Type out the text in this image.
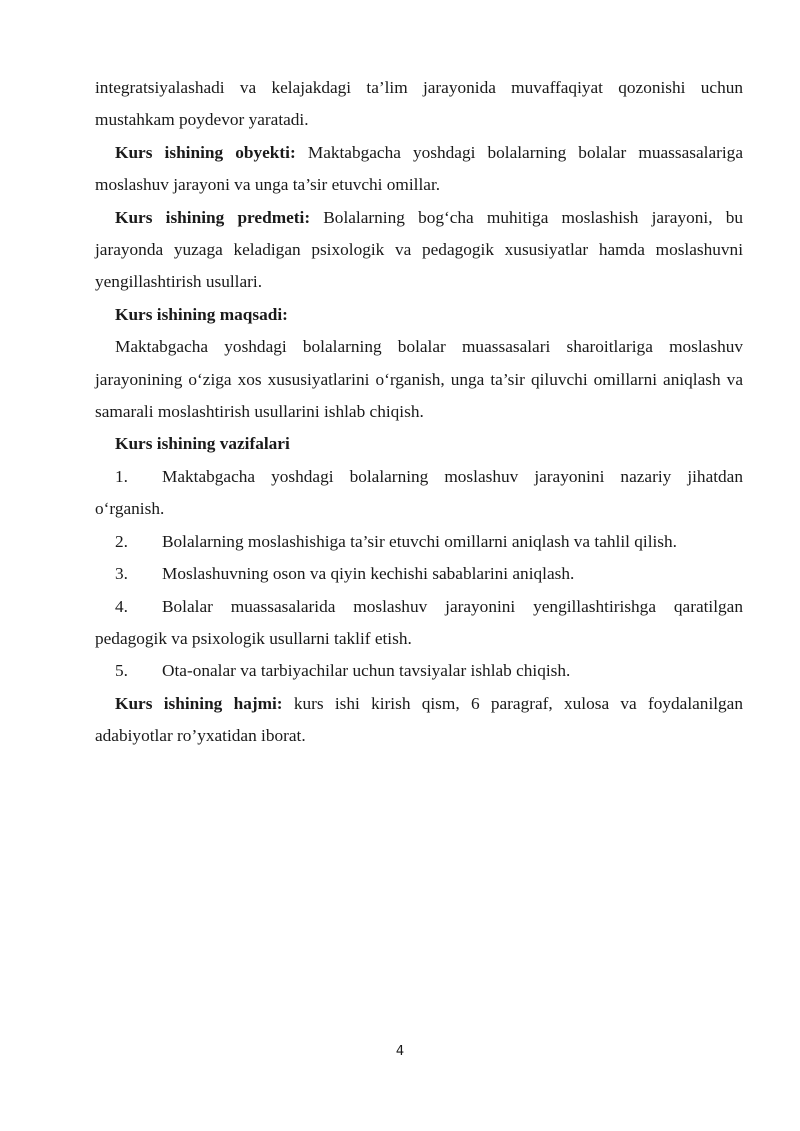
integratsiyalashadi va kelajakdagi ta’lim jarayonida muvaffaqiyat qozonishi uchun mustahkam poydevor yaratadi.

Kurs ishining obyekti: Maktabgacha yoshdagi bolalarning bolalar muassasalariga moslashuv jarayoni va unga ta’sir etuvchi omillar.

Kurs ishining predmeti: Bolalarning bog‘cha muhitiga moslashish jarayoni, bu jarayonda yuzaga keladigan psixologik va pedagogik xususiyatlar hamda moslashuvni yengillashtirish usullari.

Kurs ishining maqsadi:

Maktabgacha yoshdagi bolalarning bolalar muassasalari sharoitlariga moslashuv jarayonining o‘ziga xos xususiyatlarini o‘rganish, unga ta’sir qiluvchi omillarni aniqlash va samarali moslashtirish usullarini ishlab chiqish.

Kurs ishining vazifalari

1. Maktabgacha yoshdagi bolalarning moslashuv jarayonini nazariy jihatdan o‘rganish.

2. Bolalarning moslashishiga ta’sir etuvchi omillarni aniqlash va tahlil qilish.

3. Moslashuvning oson va qiyin kechishi sabablarini aniqlash.

4. Bolalar muassasalarida moslashuv jarayonini yengillashtirishga qaratilgan pedagogik va psixologik usullarni taklif etish.

5. Ota-onalar va tarbiyachilar uchun tavsiyalar ishlab chiqish.

Kurs ishining hajmi: kurs ishi kirish qism, 6 paragraf, xulosa va foydalanilgan adabiyotlar ro’yxatidan iborat.

4
